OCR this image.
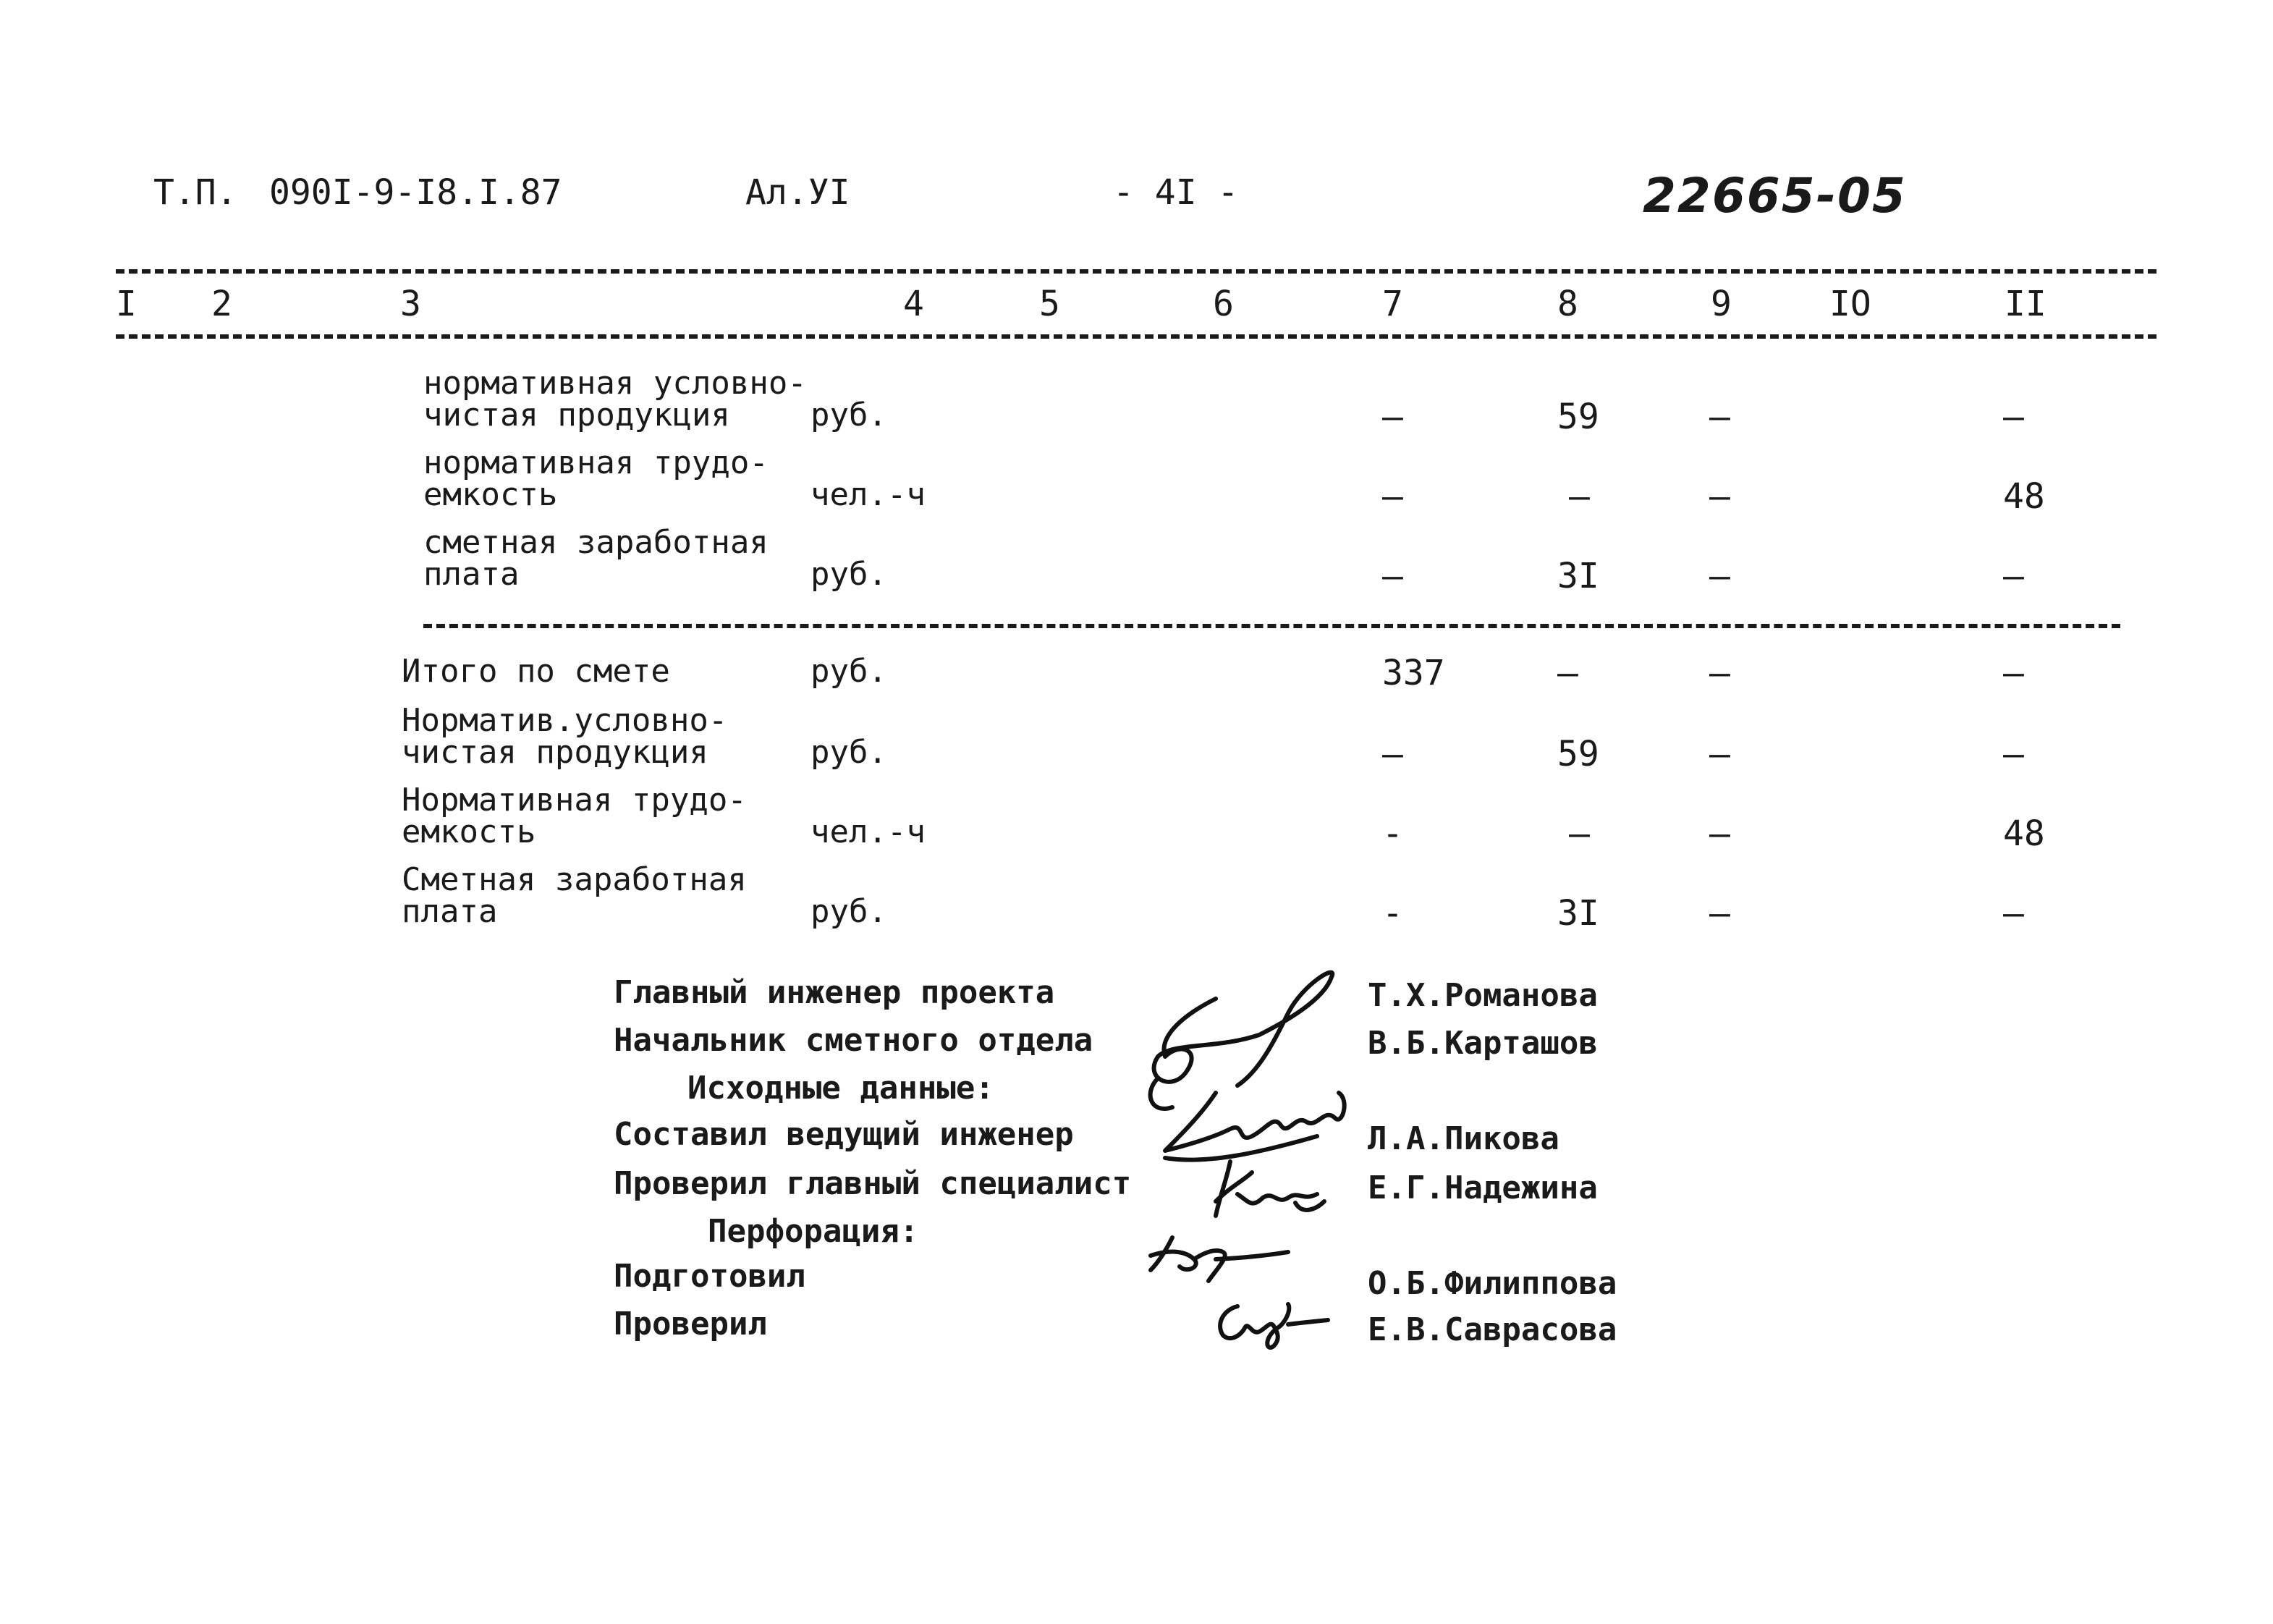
Т.П. 090I-9-I8.I.87	Ал.УI	- 4I -	22665-05
I 2	3	4	5	6	7	8	9	IO	II
нормативная условно-
чистая продукция	руб.	–	59	–	–
нормативная трудо-
емкость	чел.-ч	–	–	–	48
сметная заработная
плата	руб.	–	3I	–	–
Итого по смете	руб.	337	–	–	–
Норматив.условно-
чистая продукция	руб.	–	59	–	–
Нормативная трудо-
емкость	чел.-ч	-	–	–	48
Сметная заработная
плата	руб.	-	3I	–	–
Главный инженер проекта	Т.Х.Романова
Начальник сметного отдела	В.Б.Карташов
Исходные данные:
Составил ведущий инженер	Л.А.Пикова
Проверил главный специалист	Е.Г.Надежина
Перфорация:
Подготовил	О.Б.Филиппова
Проверил	Е.В.Саврасова
